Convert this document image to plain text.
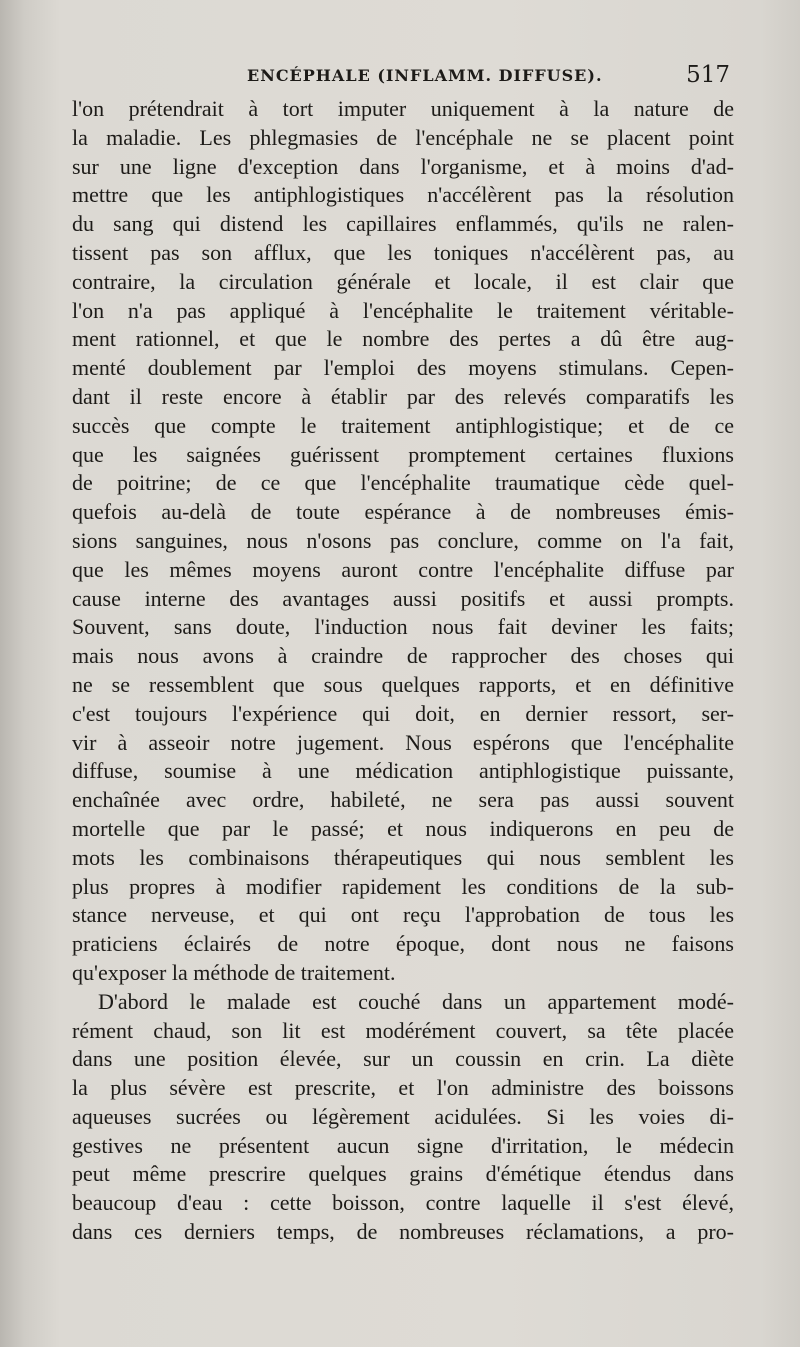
ENCÉPHALE (INFLAMM. DIFFUSE).	517
l'on prétendrait à tort imputer uniquement à la nature de
la maladie. Les phlegmasies de l'encéphale ne se placent point
sur une ligne d'exception dans l'organisme, et à moins d'ad-
mettre que les antiphlogistiques n'accélèrent pas la résolution
du sang qui distend les capillaires enflammés, qu'ils ne ralen-
tissent pas son afflux, que les toniques n'accélèrent pas, au
contraire, la circulation générale et locale, il est clair que
l'on n'a pas appliqué à l'encéphalite le traitement véritable-
ment rationnel, et que le nombre des pertes a dû être aug-
menté doublement par l'emploi des moyens stimulans. Cepen-
dant il reste encore à établir par des relevés comparatifs les
succès que compte le traitement antiphlogistique; et de ce
que les saignées guérissent promptement certaines fluxions
de poitrine; de ce que l'encéphalite traumatique cède quel-
quefois au-delà de toute espérance à de nombreuses émis-
sions sanguines, nous n'osons pas conclure, comme on l'a fait,
que les mêmes moyens auront contre l'encéphalite diffuse par
cause interne des avantages aussi positifs et aussi prompts.
Souvent, sans doute, l'induction nous fait deviner les faits;
mais nous avons à craindre de rapprocher des choses qui
ne se ressemblent que sous quelques rapports, et en définitive
c'est toujours l'expérience qui doit, en dernier ressort, ser-
vir à asseoir notre jugement. Nous espérons que l'encéphalite
diffuse, soumise à une médication antiphlogistique puissante,
enchaînée avec ordre, habileté, ne sera pas aussi souvent
mortelle que par le passé; et nous indiquerons en peu de
mots les combinaisons thérapeutiques qui nous semblent les
plus propres à modifier rapidement les conditions de la sub-
stance nerveuse, et qui ont reçu l'approbation de tous les
praticiens éclairés de notre époque, dont nous ne faisons
qu'exposer la méthode de traitement.
D'abord le malade est couché dans un appartement modé-
rément chaud, son lit est modérément couvert, sa tête placée
dans une position élevée, sur un coussin en crin. La diète
la plus sévère est prescrite, et l'on administre des boissons
aqueuses sucrées ou légèrement acidulées. Si les voies di-
gestives ne présentent aucun signe d'irritation, le médecin
peut même prescrire quelques grains d'émétique étendus dans
beaucoup d'eau : cette boisson, contre laquelle il s'est élevé,
dans ces derniers temps, de nombreuses réclamations, a pro-
